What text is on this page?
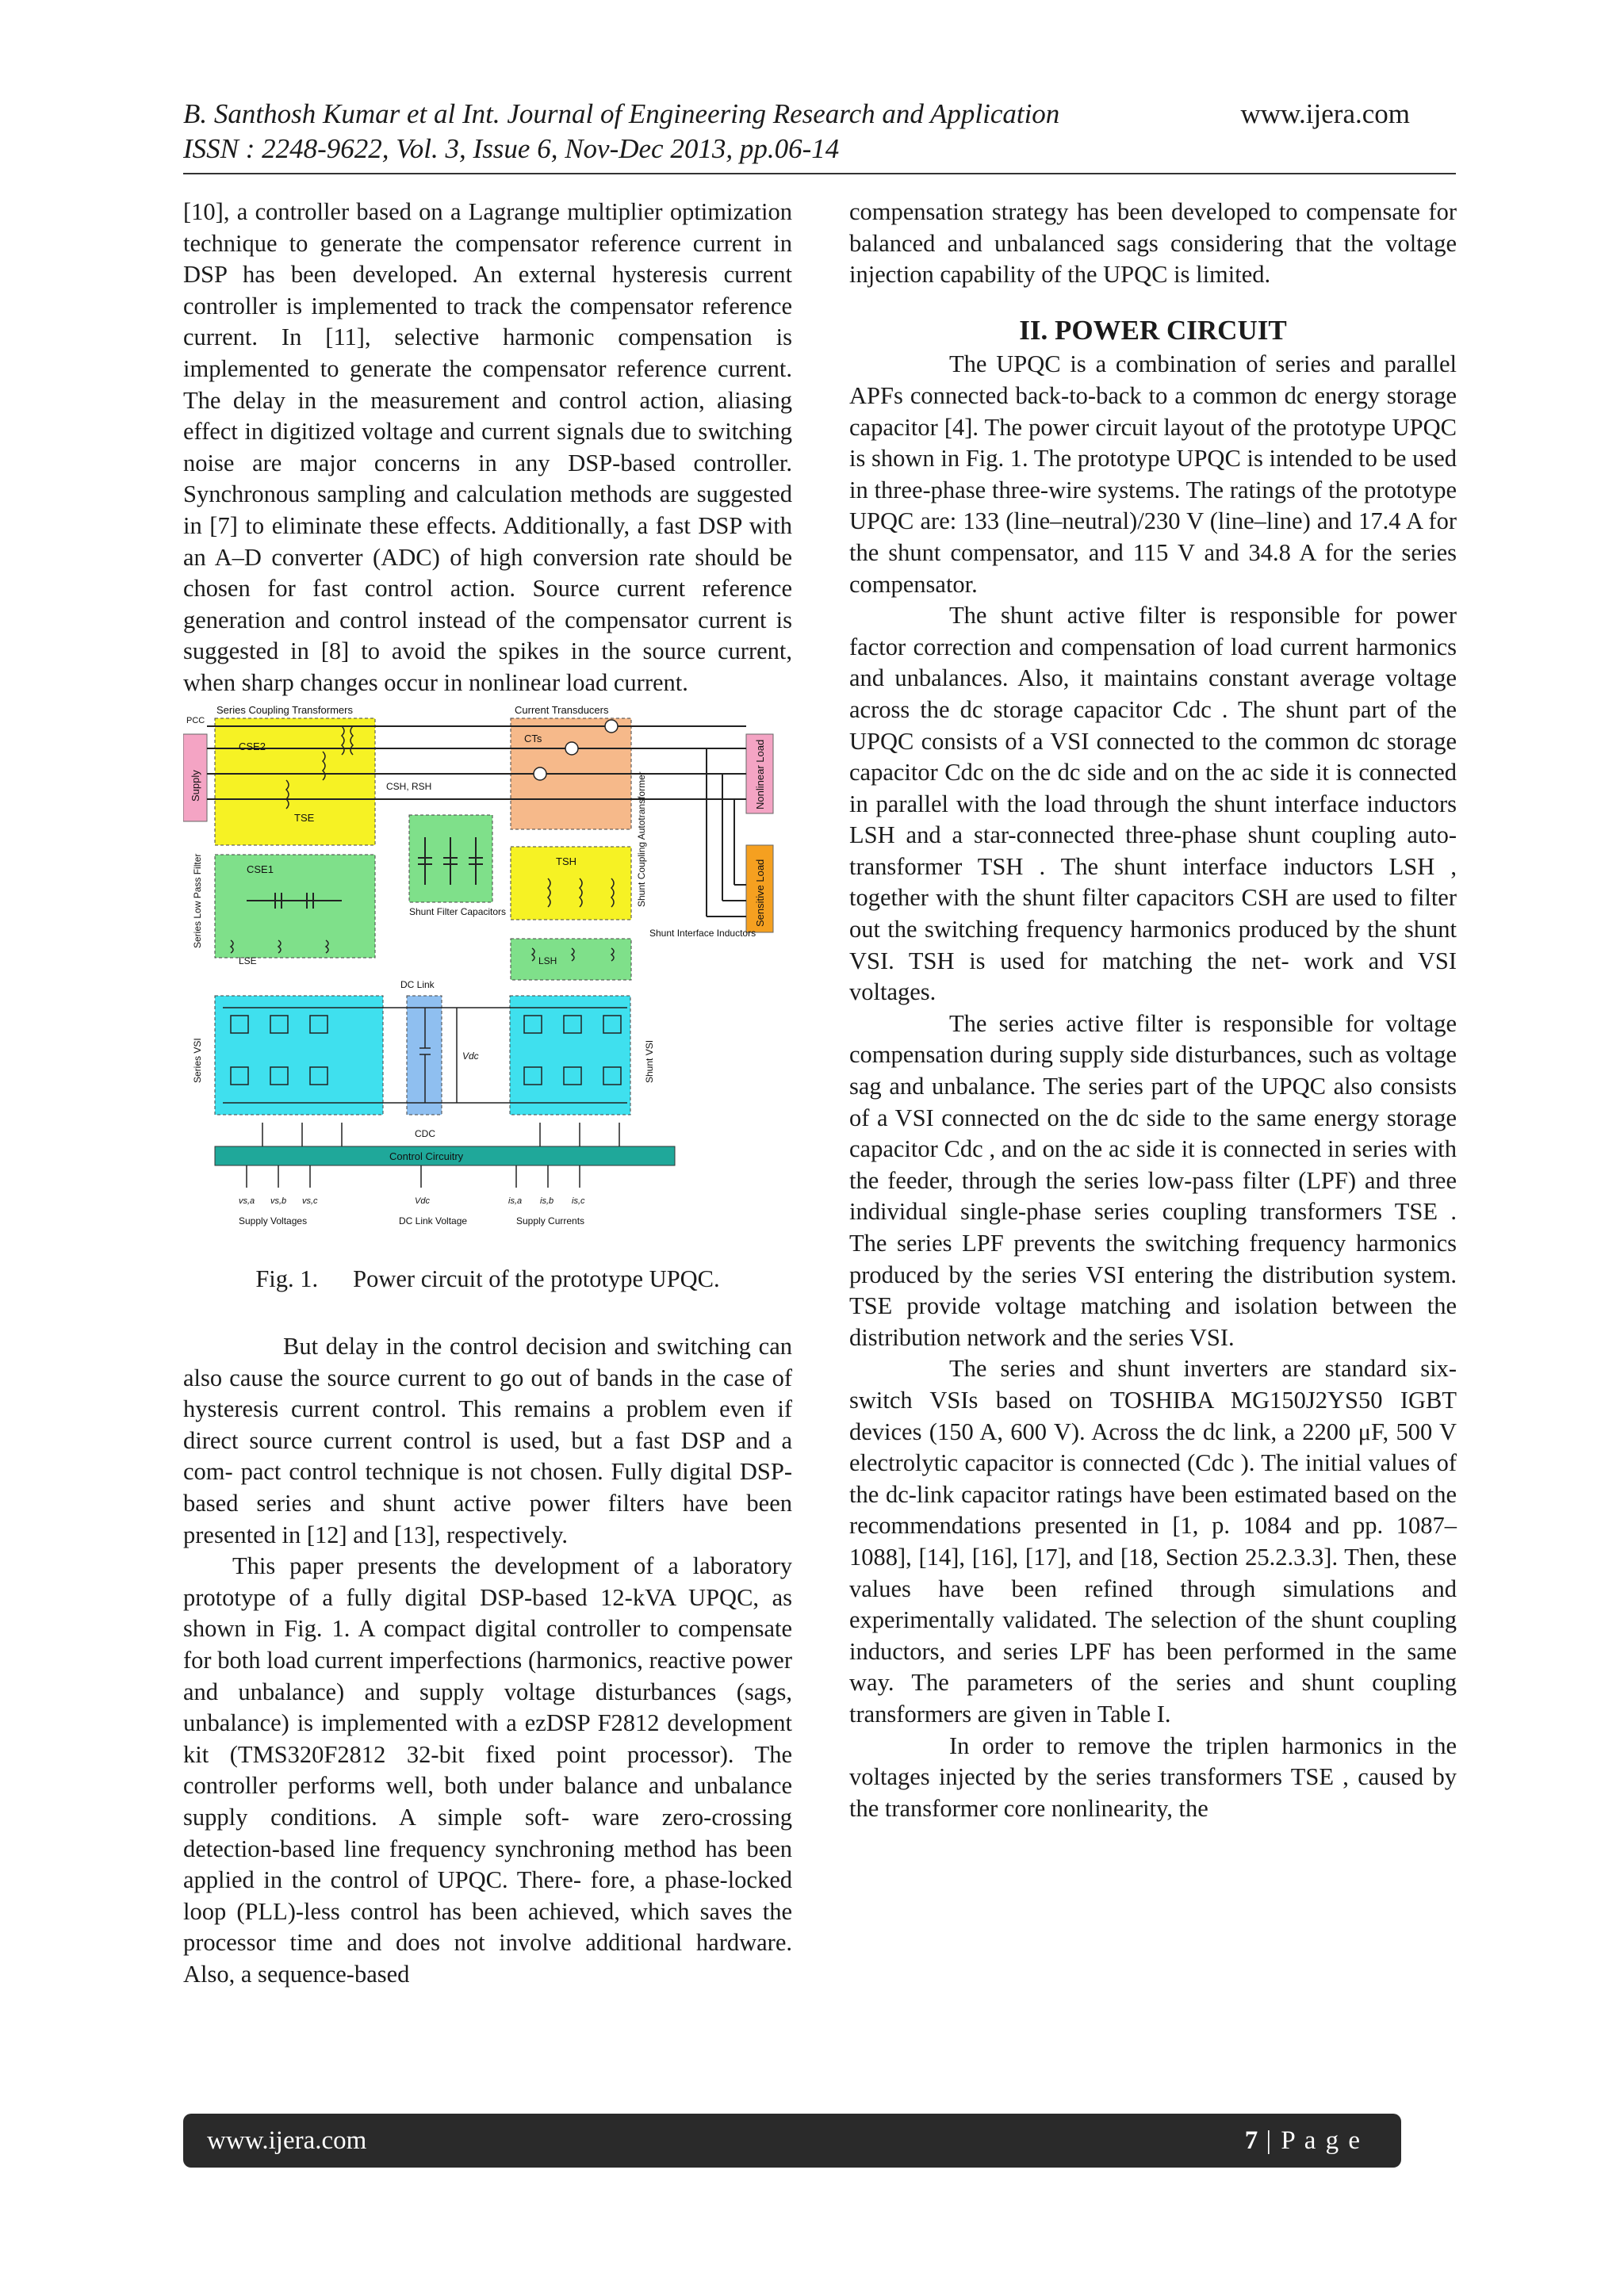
B. Santhosh Kumar et al Int. Journal of Engineering Research and Application
ISSN : 2248-9622, Vol. 3, Issue 6, Nov-Dec 2013, pp.06-14
www.ijera.com

[10], a controller based on a Lagrange multiplier optimization technique to generate the compensator reference current in DSP has been developed. An external hysteresis current controller is implemented to track the compensator reference current. In [11], selective harmonic compensation is implemented to generate the compensator reference current. The delay in the measurement and control action, aliasing effect in digitized voltage and current signals due to switching noise are major concerns in any DSP-based controller. Synchronous sampling and calculation methods are suggested in [7] to eliminate these effects. Additionally, a fast DSP with an A–D converter (ADC) of high conversion rate should be chosen for fast control action. Source current reference generation and control instead of the compensator current is suggested in [8] to avoid the spikes in the source current, when sharp changes occur in nonlinear load current.

Series Coupling Transformers	Current Transducers
PCC
Supply	Nonlinear Load
Sensitive Load
CSE2
CSE1
TSE
CSH, RSH
CTs
TSH
LSE	LSH
Shunt Filter Capacitors
Shunt Coupling Autotransformer
Shunt Interface Inductors
Series Low Pass Filter
DC Link
Series VSI	Shunt VSI
Vdc
CDC
Control Circuitry
vs,a vs,b vs,c	Vdc	is,a is,b is,c
Supply Voltages	DC Link Voltage	Supply Currents
Fig. 1. Power circuit of the prototype UPQC.

But delay in the control decision and switching can also cause the source current to go out of bands in the case of hysteresis current control. This remains a problem even if direct source current control is used, but a fast DSP and a com- pact control technique is not chosen. Fully digital DSP-based series and shunt active power filters have been presented in [12] and [13], respectively.

This paper presents the development of a laboratory prototype of a fully digital DSP-based 12-kVA UPQC, as shown in Fig. 1. A compact digital controller to compensate for both load current imperfections (harmonics, reactive power and unbalance) and supply voltage disturbances (sags, unbalance) is implemented with a ezDSP F2812 development kit (TMS320F2812 32-bit fixed point processor). The controller performs well, both under balance and unbalance supply conditions. A simple soft- ware zero-crossing detection-based line frequency synchroning method has been applied in the control of UPQC. There- fore, a phase-locked loop (PLL)-less control has been achieved, which saves the processor time and does not involve additional hardware. Also, a sequence-based

compensation strategy has been developed to compensate for balanced and unbalanced sags considering that the voltage injection capability of the UPQC is limited.

II. POWER CIRCUIT

The UPQC is a combination of series and parallel APFs connected back-to-back to a common dc energy storage capacitor [4]. The power circuit layout of the prototype UPQC is shown in Fig. 1. The prototype UPQC is intended to be used in three-phase three-wire systems. The ratings of the prototype UPQC are: 133 (line–neutral)/230 V (line–line) and 17.4 A for the shunt compensator, and 115 V and 34.8 A for the series compensator.

The shunt active filter is responsible for power factor correction and compensation of load current harmonics and unbalances. Also, it maintains constant average voltage across the dc storage capacitor Cdc . The shunt part of the UPQC consists of a VSI connected to the common dc storage capacitor Cdc on the dc side and on the ac side it is connected in parallel with the load through the shunt interface inductors LSH and a star-connected three-phase shunt coupling auto-transformer TSH . The shunt interface inductors LSH , together with the shunt filter capacitors CSH are used to filter out the switching frequency harmonics produced by the shunt VSI. TSH is used for matching the net- work and VSI voltages.

The series active filter is responsible for voltage compensation during supply side disturbances, such as voltage sag and unbalance. The series part of the UPQC also consists of a VSI connected on the dc side to the same energy storage capacitor Cdc , and on the ac side it is connected in series with the feeder, through the series low-pass filter (LPF) and three individual single-phase series coupling transformers TSE . The series LPF prevents the switching frequency harmonics produced by the series VSI entering the distribution system. TSE provide voltage matching and isolation between the distribution network and the series VSI.

The series and shunt inverters are standard six-switch VSIs based on TOSHIBA MG150J2YS50 IGBT devices (150 A, 600 V). Across the dc link, a 2200 μF, 500 V electrolytic capacitor is connected (Cdc ). The initial values of the dc-link capacitor ratings have been estimated based on the recommendations presented in [1, p. 1084 and pp. 1087–1088], [14], [16], [17], and [18, Section 25.2.3.3]. Then, these values have been refined through simulations and experimentally validated. The selection of the shunt coupling inductors, and series LPF has been performed in the same way. The parameters of the series and shunt coupling transformers are given in Table I.

In order to remove the triplen harmonics in the voltages injected by the series transformers TSE , caused by the transformer core nonlinearity, the

www.ijera.com	7 | P a g e
